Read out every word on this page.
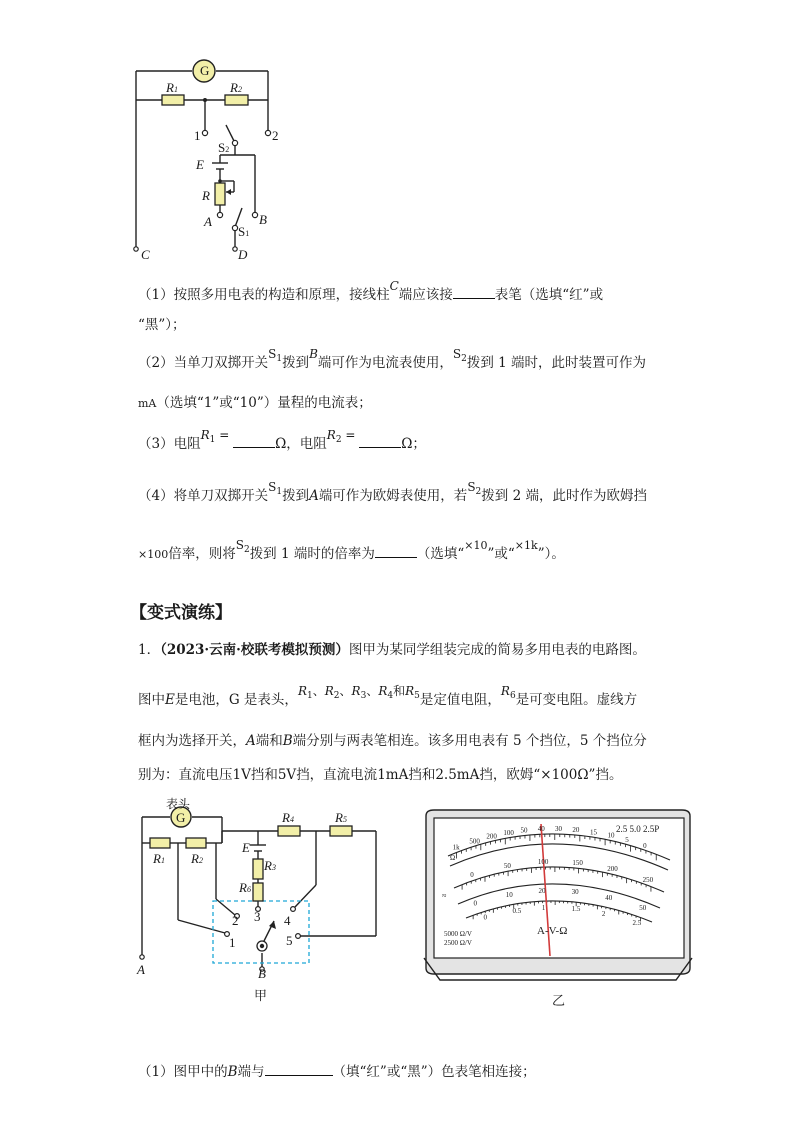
G
R1	R2
1	2
S2
E
R
A	B
S1
C	D
（1）按照多用电表的构造和原理，接线柱C端应该接	表笔（选填“红”或
“黑”）；
（2）当单刀双掷开关$S_1$拨到B端可作为电流表使用，$S_2$拨到 1 端时，此时装置可作为
mA（选填“1”或“10”）量程的电流表；
（3）电阻$R_1 = \Omega$，电阻$R_2 = \Omega$；
（4）将单刀双掷开关$S_1$拨到A端可作为欧姆表使用，若$S_2$拨到 2 端，此时作为欧姆挡
×100倍率，则将$S_2$拨到 1 端时的倍率为	（选填“$^{\times 10}$”或“$^{\times 1k}$”）。
【变式演练】
1．（2023·云南·校联考模拟预测）图甲为某同学组装完成的简易多用电表的电路图。
图中E是电池，G 是表头，$R_1$、$R_2$、$R_3$、$R_4$和$R_5$是定值电阻，$R_6$是可变电阻。虚线方
框内为选择开关，A端和B端分别与两表笔相连。该多用电表有 5 个挡位，5 个挡位分
别为：直流电压1V挡和5V挡，直流电流1mA挡和2.5mA挡，欧姆“×100Ω”挡。
表头
G
R1 R2
R4	R5
E
R3
R6
2 3 4
1	5
A	B
甲
Ω
≈
5000 Ω/V
2500 Ω/V
2.5 5.0 2.5P
A-V-Ω
1k
500
200 100 50 40 30 20 15 10
5
0
0
50	100	150
200
250
0
10	20	30
40
50
0
0.5	1	1.5
2
2.5
乙
（1）图甲中的B端与	（填“红”或“黑”）色表笔相连接；
